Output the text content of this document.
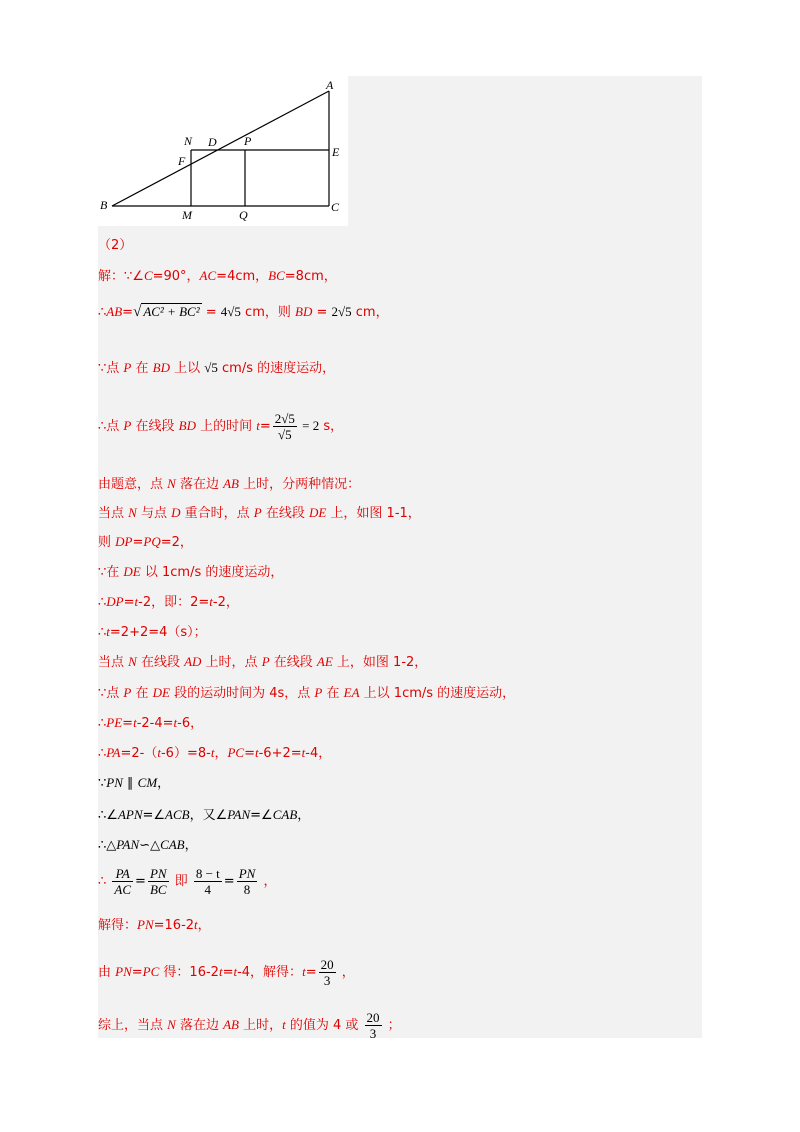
A
B	C
D
E
F
M
N	P
Q
（2）
解：∵∠C=90°，AC=4cm，BC=8cm，
∴AB=√ AC² + BC² = 4√5 cm，则 BD = 2√5 cm，
∵点 P 在 BD 上以 √5 cm/s 的速度运动，
∴点 P 在线段 BD 上的时间 $t= \frac{2√5}{√5} = 2$ s，
由题意，点 N 落在边 AB 上时，分两种情况：
当点 N 与点 D 重合时，点 P 在线段 DE 上，如图 1-1，
则 DP=PQ=2，
∵在 DE 以 1cm/s 的速度运动，
∴DP=t-2，即：2=t-2，
∴t=2+2=4（s）；
当点 N 在线段 AD 上时，点 P 在线段 AE 上，如图 1-2，
∵点 P 在 DE 段的运动时间为 4s，点 P 在 EA 上以 1cm/s 的速度运动，
∴PE=t-2-4=t-6，
∴PA=2-（t-6）=8-t，PC=t-6+2=t-4，
∵PN ∥ CM，
∴∠APN=∠ACB，又∠PAN=∠CAB，
∴△PAN∽△CAB，
∴ $\frac{PA}{AC} = \frac{PN}{BC}$ 即 $\frac{8 - t}{4} = \frac{PN}{8}$ ，
解得：PN=16-2t，
由 PN=PC 得：16-2t=t-4，解得：$t= \frac{20}{3}$ ，
综上，当点 N 落在边 AB 上时，t 的值为 4 或 $\frac{20}{3}$ ；
